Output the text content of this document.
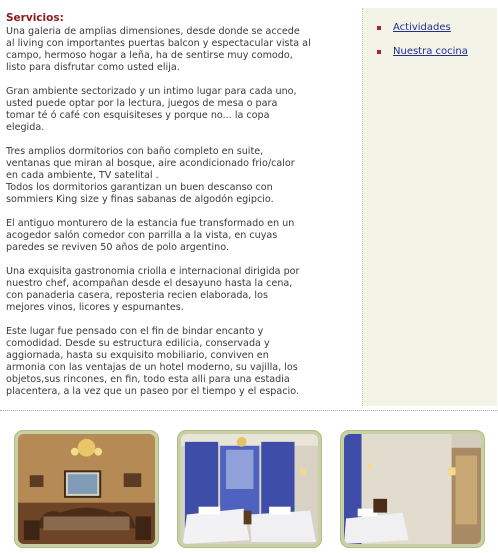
Servicios:
Una galeria de amplias dimensiones, desde donde se accede
al living con importantes puertas balcon y espectacular vista al
campo, hermoso hogar a leña, ha de sentirse muy comodo,
listo para disfrutar como usted elija.

Gran ambiente sectorizado y un intimo lugar para cada uno,
usted puede optar por la lectura, juegos de mesa o para
tomar té ó café con esquisiteses y porque no... la copa
elegida.

Tres amplios dormitorios con baño completo en suite,
ventanas que miran al bosque, aire acondicionado frio/calor
en cada ambiente, TV satelital .
Todos los dormitorios garantizan un buen descanso con
sommiers King size y finas sabanas de algodón egipcio.

El antiguo monturero de la estancia fue transformado en un
acogedor salón comedor con parrilla a la vista, en cuyas
paredes se reviven 50 años de polo argentino.

Una exquisita gastronomia criolla e internacional dirigida por
nuestro chef, acompañan desde el desayuno hasta la cena,
con panaderia casera, reposteria recien elaborada, los
mejores vinos, licores y espumantes.

Este lugar fue pensado con el fin de bindar encanto y
comodidad. Desde su estructura edilicia, conservada y
aggiornada, hasta su exquisito mobiliario, conviven en
armonia con las ventajas de un hotel moderno, su vajilla, los
objetos,sus rincones, en fin, todo esta alli para una estadia
placentera, a la vez que un paseo por el tiempo y el espacio.
Actividades
Nuestra cocina
